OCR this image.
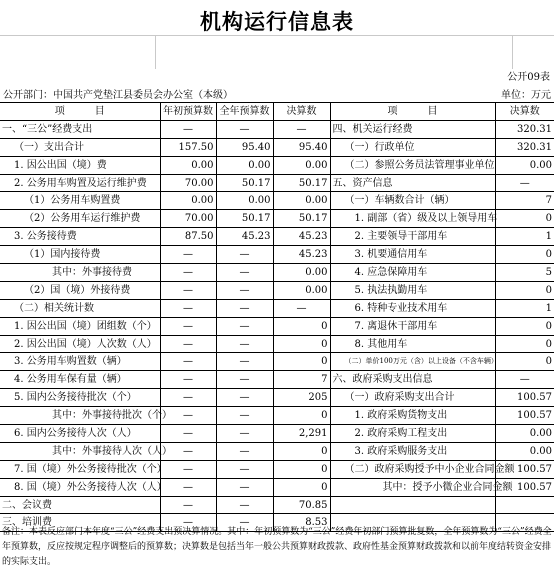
机构运行信息表
公开09表
公开部门：中国共产党垫江县委员会办公室（本级）	单位：万元
项　　　目	年初预算数	全年预算数	决算数	项　　　目	决算数
一、“三公”经费支出	—	—	—	四、机关运行经费	320.31
（一）支出合计	157.50	95.40	95.40	（一）行政单位	320.31
1. 因公出国（境）费	0.00	0.00	0.00	（二）参照公务员法管理事业单位	0.00
2. 公务用车购置及运行维护费	70.00	50.17	50.17	五、资产信息	—
（1）公务用车购置费	0.00	0.00	0.00	（一）车辆数合计（辆）	7
（2）公务用车运行维护费	70.00	50.17	50.17	1. 副部（省）级及以上领导用车	0
3. 公务接待费	87.50	45.23	45.23	2. 主要领导干部用车	1
（1）国内接待费	—	—	45.23	3. 机要通信用车	0
其中：外事接待费	—	—	0.00	4. 应急保障用车	5
（2）国（境）外接待费	—	—	0.00	5. 执法执勤用车	0
（二）相关统计数	—	—	—	6. 特种专业技术用车	1
1. 因公出国（境）团组数（个）	—	—	0	7. 离退休干部用车	0
2. 因公出国（境）人次数（人）	—	—	0	8. 其他用车	0
3. 公务用车购置数（辆）	—	—	0	（二）单价100万元（含）以上设备（不含车辆）	0
4. 公务用车保有量（辆）	—	—	7	六、政府采购支出信息	—
5. 国内公务接待批次（个）	—	—	205	（一）政府采购支出合计	100.57
其中：外事接待批次（个）	—	—	0	1. 政府采购货物支出	100.57
6. 国内公务接待人次（人）	—	—	2,291	2. 政府采购工程支出	0.00
其中：外事接待人次（人）	—	—	0	3. 政府采购服务支出	0.00
7. 国（境）外公务接待批次（个）	—	—	0	（二）政府采购授予中小企业合同金额	100.57
8. 国（境）外公务接待人次（人）	—	—	0	其中：授予小微企业合同金额	100.57
二、会议费	—	—	70.85		
三、培训费	—	—	8.53		
备注：本表反应部门本年度“三公”经费支出预决算情况。其中：年初预算数为“三公”经费年初部门预算批复数，全年预算数为“三公”经费全年预算数，反应按规定程序调整后的预算数；决算数是包括当年一般公共预算财政拨款、政府性基金预算财政拨款和以前年度结转资金安排的实际支出。
